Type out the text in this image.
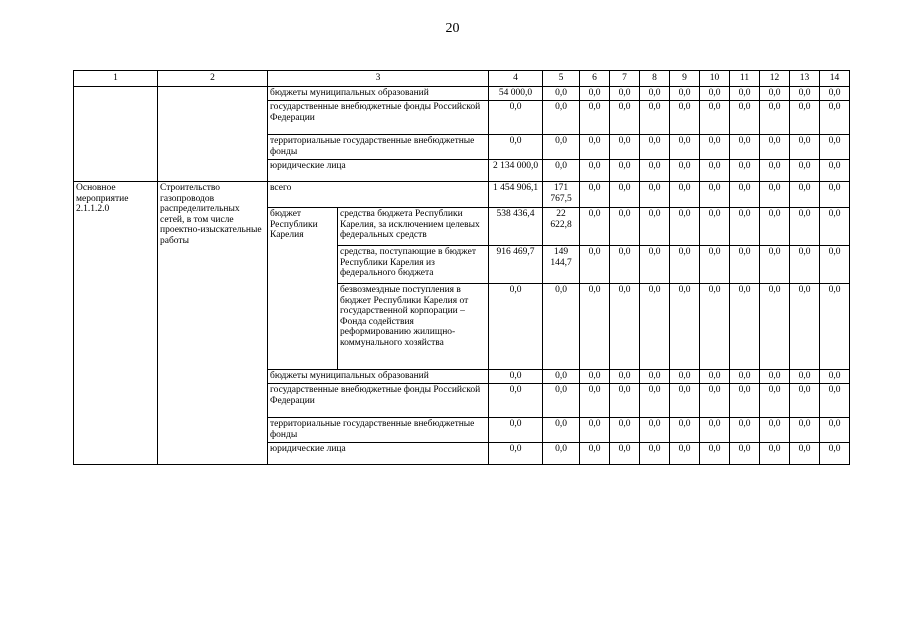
20
1	2	3		4	5	6	7	8	9	10	11	12	13	14
		бюджеты муниципальных образований		54 000,0	0,0	0,0	0,0	0,0	0,0	0,0	0,0	0,0	0,0	0,0
		государственные внебюджетные фонды Российской Федерации		0,0	0,0	0,0	0,0	0,0	0,0	0,0	0,0	0,0	0,0	0,0
		территориальные государственные внебюджетные фонды		0,0	0,0	0,0	0,0	0,0	0,0	0,0	0,0	0,0	0,0	0,0
		юридические лица		2 134 000,0	0,0	0,0	0,0	0,0	0,0	0,0	0,0	0,0	0,0	0,0
Основное мероприятие 2.1.1.2.0	Строительство газопроводов распределительных сетей, в том числе проектно-изыскательные работы	всего		1 454 906,1	171 767,5	0,0	0,0	0,0	0,0	0,0	0,0	0,0	0,0	0,0
		бюджет Республики Карелия	средства бюджета Республики Карелия, за исключением целевых федеральных средств	538 436,4	22 622,8	0,0	0,0	0,0	0,0	0,0	0,0	0,0	0,0	0,0
			средства, поступающие в бюджет Республики Карелия из федерального бюджета	916 469,7	149 144,7	0,0	0,0	0,0	0,0	0,0	0,0	0,0	0,0	0,0
			безвозмездные поступления в бюджет Республики Карелия от государственной корпорации – Фонда содействия реформированию жилищно-коммунального хозяйства	0,0	0,0	0,0	0,0	0,0	0,0	0,0	0,0	0,0	0,0	0,0
		бюджеты муниципальных образований		0,0	0,0	0,0	0,0	0,0	0,0	0,0	0,0	0,0	0,0	0,0
		государственные внебюджетные фонды Российской Федерации		0,0	0,0	0,0	0,0	0,0	0,0	0,0	0,0	0,0	0,0	0,0
		территориальные государственные внебюджетные фонды		0,0	0,0	0,0	0,0	0,0	0,0	0,0	0,0	0,0	0,0	0,0
		юридические лица		0,0	0,0	0,0	0,0	0,0	0,0	0,0	0,0	0,0	0,0	0,0
